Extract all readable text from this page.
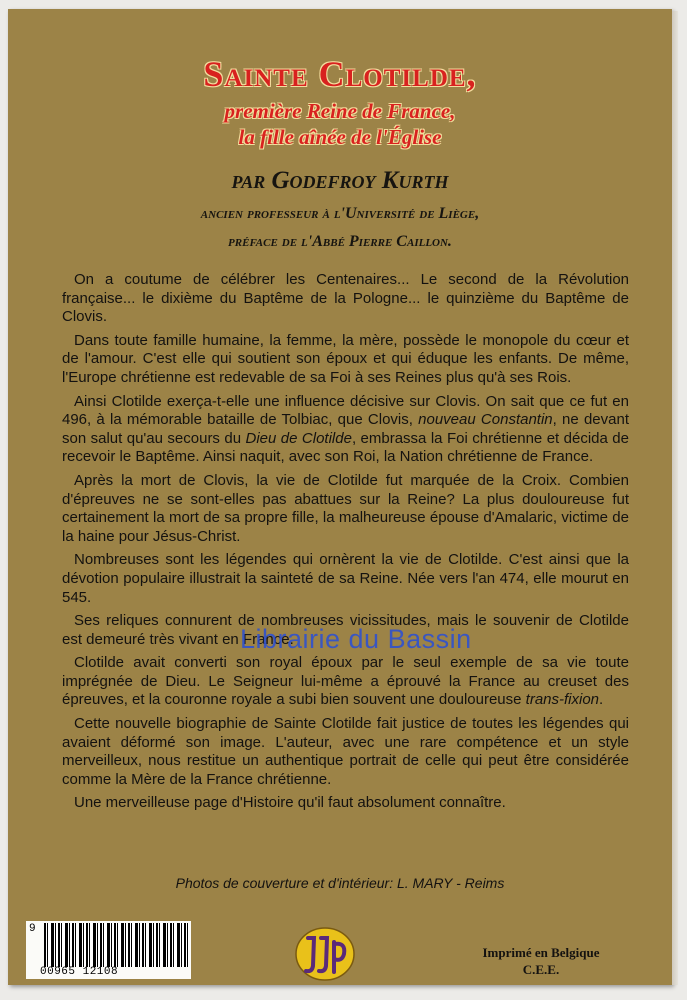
Sainte Clotilde,
première Reine de France,
la fille aînée de l'Église
par Godefroy Kurth
ancien professeur à l'Université de Liège,
préface de l'Abbé Pierre Caillon.

On a coutume de célébrer les Centenaires... Le second de la Révolution française... le dixième du Baptême de la Pologne... le quinzième du Baptême de Clovis.

Dans toute famille humaine, la femme, la mère, possède le monopole du cœur et de l'amour. C'est elle qui soutient son époux et qui éduque les enfants. De même, l'Europe chrétienne est redevable de sa Foi à ses Reines plus qu'à ses Rois.

Ainsi Clotilde exerça-t-elle une influence décisive sur Clovis. On sait que ce fut en 496, à la mémorable bataille de Tolbiac, que Clovis, nouveau Constantin, ne devant son salut qu'au secours du Dieu de Clotilde, embrassa la Foi chrétienne et décida de recevoir le Baptême. Ainsi naquit, avec son Roi, la Nation chrétienne de France.

Après la mort de Clovis, la vie de Clotilde fut marquée de la Croix. Combien d'épreuves ne se sont-elles pas abattues sur la Reine? La plus douloureuse fut certainement la mort de sa propre fille, la malheureuse épouse d'Amalaric, victime de la haine pour Jésus-Christ.

Nombreuses sont les légendes qui ornèrent la vie de Clotilde. C'est ainsi que la dévotion populaire illustrait la sainteté de sa Reine. Née vers l'an 474, elle mourut en 545.

Ses reliques connurent de nombreuses vicissitudes, mais le souvenir de Clotilde est demeuré très vivant en France.

Clotilde avait converti son royal époux par le seul exemple de sa vie toute imprégnée de Dieu. Le Seigneur lui-même a éprouvé la France au creuset des épreuves, et la couronne royale a subi bien souvent une douloureuse trans-fixion.

Cette nouvelle biographie de Sainte Clotilde fait justice de toutes les légendes qui avaient déformé son image. L'auteur, avec une rare compétence et un style merveilleux, nous restitue un authentique portrait de celle qui peut être considérée comme la Mère de la France chrétienne.

Une merveilleuse page d'Histoire qu'il faut absolument connaître.

Photos de couverture et d'intérieur: L. MARY - Reims
9
00965 12108
Imprimé en Belgique
C.E.E.
Librairie du Bassin
